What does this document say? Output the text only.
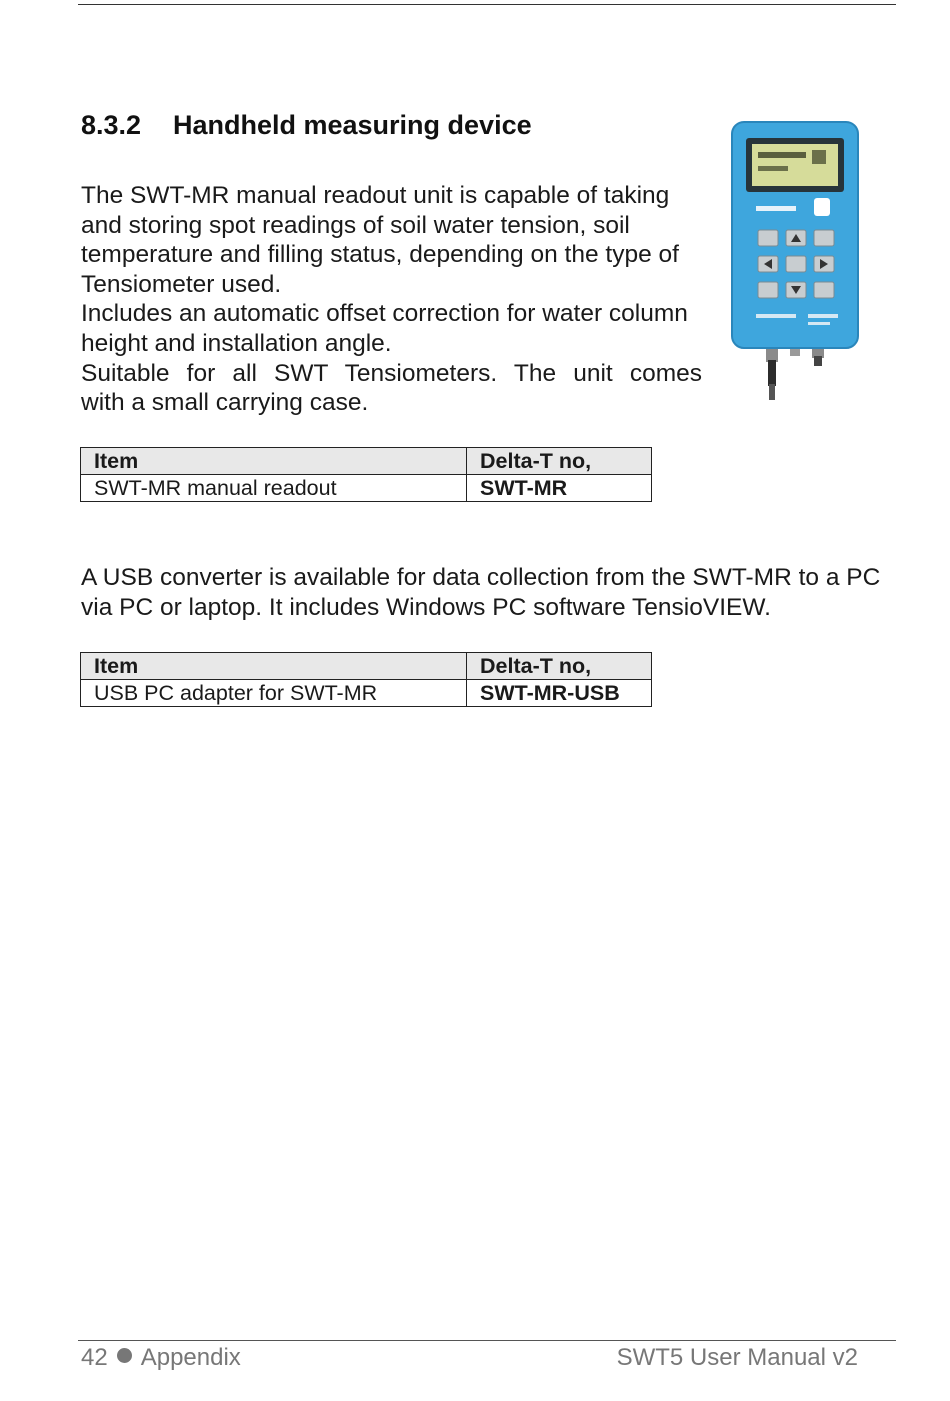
8.3.2 Handheld measuring device

The SWT-MR manual readout unit is capable of taking and storing spot readings of soil water tension, soil temperature and filling status, depending on the type of Tensiometer used.

Includes an automatic offset correction for water column height and installation angle.

Suitable for all SWT Tensiometers. The unit comes

with a small carrying case.

Item	Delta-T no,
SWT-MR manual readout	SWT-MR

A USB converter is available for data collection from the SWT-MR to a PC via PC or laptop. It includes Windows PC software TensioVIEW.

Item	Delta-T no,
USB PC adapter for SWT-MR	SWT-MR-USB
42 Appendix	SWT5 User Manual v2
